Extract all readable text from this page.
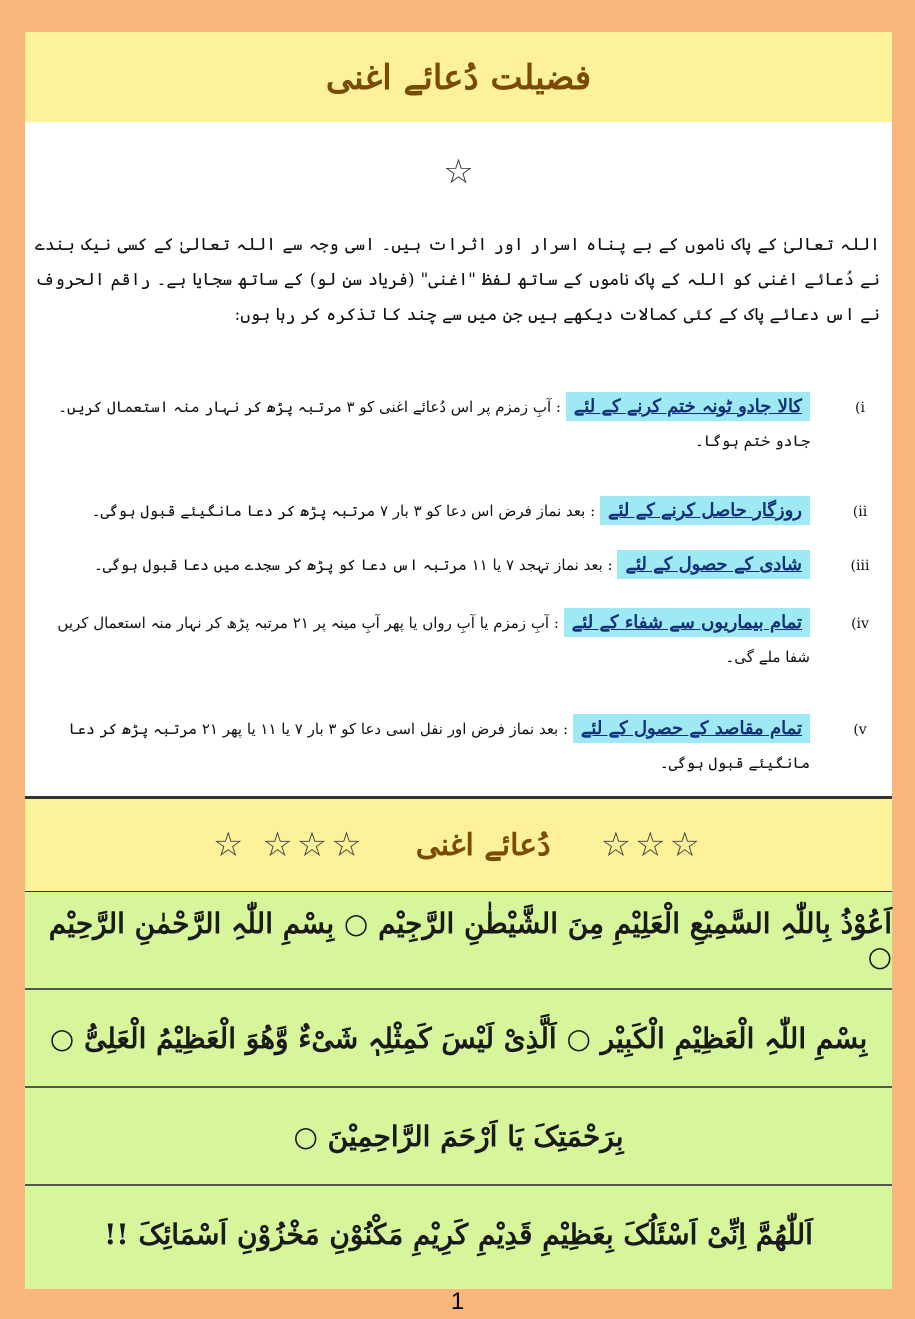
فضیلت دُعائے اغنی
☆
اللہ تعالیٰ کے پاک ناموں کے بے پناہ اسرار اور اثرات ہیں۔ اسی وجہ سے اللہ تعالیٰ کے کسی نیک بندے نے دُعائے اغنی کو اللہ کے پاک ناموں کے ساتھ لفظ "اغنی" (فریاد سن لو) کے ساتھ سجایا ہے۔ راقم الحروف نے اس دعائے پاک کے کئی کمالات دیکھے ہیں جن میں سے چند کا تذکرہ کر رہا ہوں:
(i
کالا جادو ٹونہ ختم کرنے کے لئے : آبِ زمزم پر اس دُعائے اغنی کو ۳ مرتبہ پڑھ کر نہار منہ استعمال کریں۔ جادو ختم ہوگا۔
(ii
روزگار حاصل کرنے کے لئے : بعد نماز فرض اس دعا کو ۳ بار ۷ مرتبہ پڑھ کر دعا مانگیئے قبول ہوگی۔
(iii
شادی کے حصول کے لئے : بعد نماز تہجد ۷ یا ۱۱ مرتبہ اس دعا کو پڑھ کر سجدے میں دعا قبول ہوگی۔
(iv
تمام بیماریوں سے شفاء کے لئے : آبِ زمزم یا آبِ رواں یا پھر آبِ مینہ پر ۲۱ مرتبہ پڑھ کر نہار منہ استعمال کریں شفا ملے گی۔
(v
تمام مقاصد کے حصول کے لئے : بعد نماز فرض اور نفل اسی دعا کو ۳ بار ۷ یا ۱۱ یا پھر ۲۱ مرتبہ پڑھ کر دعا مانگیئے قبول ہوگی۔
☆☆☆
دُعائے اغنی
☆☆☆ ☆
اَعُوْذُ بِاللّٰہِ السَّمِیْعِ الْعَلِیْمِ مِنَ الشَّیْطٰنِ الرَّجِیْم ○ بِسْمِ اللّٰہِ الرَّحْمٰنِ الرَّحِیْم ○
بِسْمِ اللّٰہِ الْعَظِیْمِ الْکَبِیْر ○ اَلَّذِیْ لَیْسَ کَمِثْلِہٖ شَیْءٌ وَّھُوَ الْعَظِیْمُ الْعَلِیُّ ○
بِرَحْمَتِکَ یَا اَرْحَمَ الرَّاحِمِیْنَ ○
اَللّٰھُمَّ اِنِّیْ اَسْئَلُکَ بِعَظِیْمِ قَدِیْمِ کَرِیْمِ مَکْنُوْنِ مَخْزُوْنِ اَسْمَائِکَ !!
1
